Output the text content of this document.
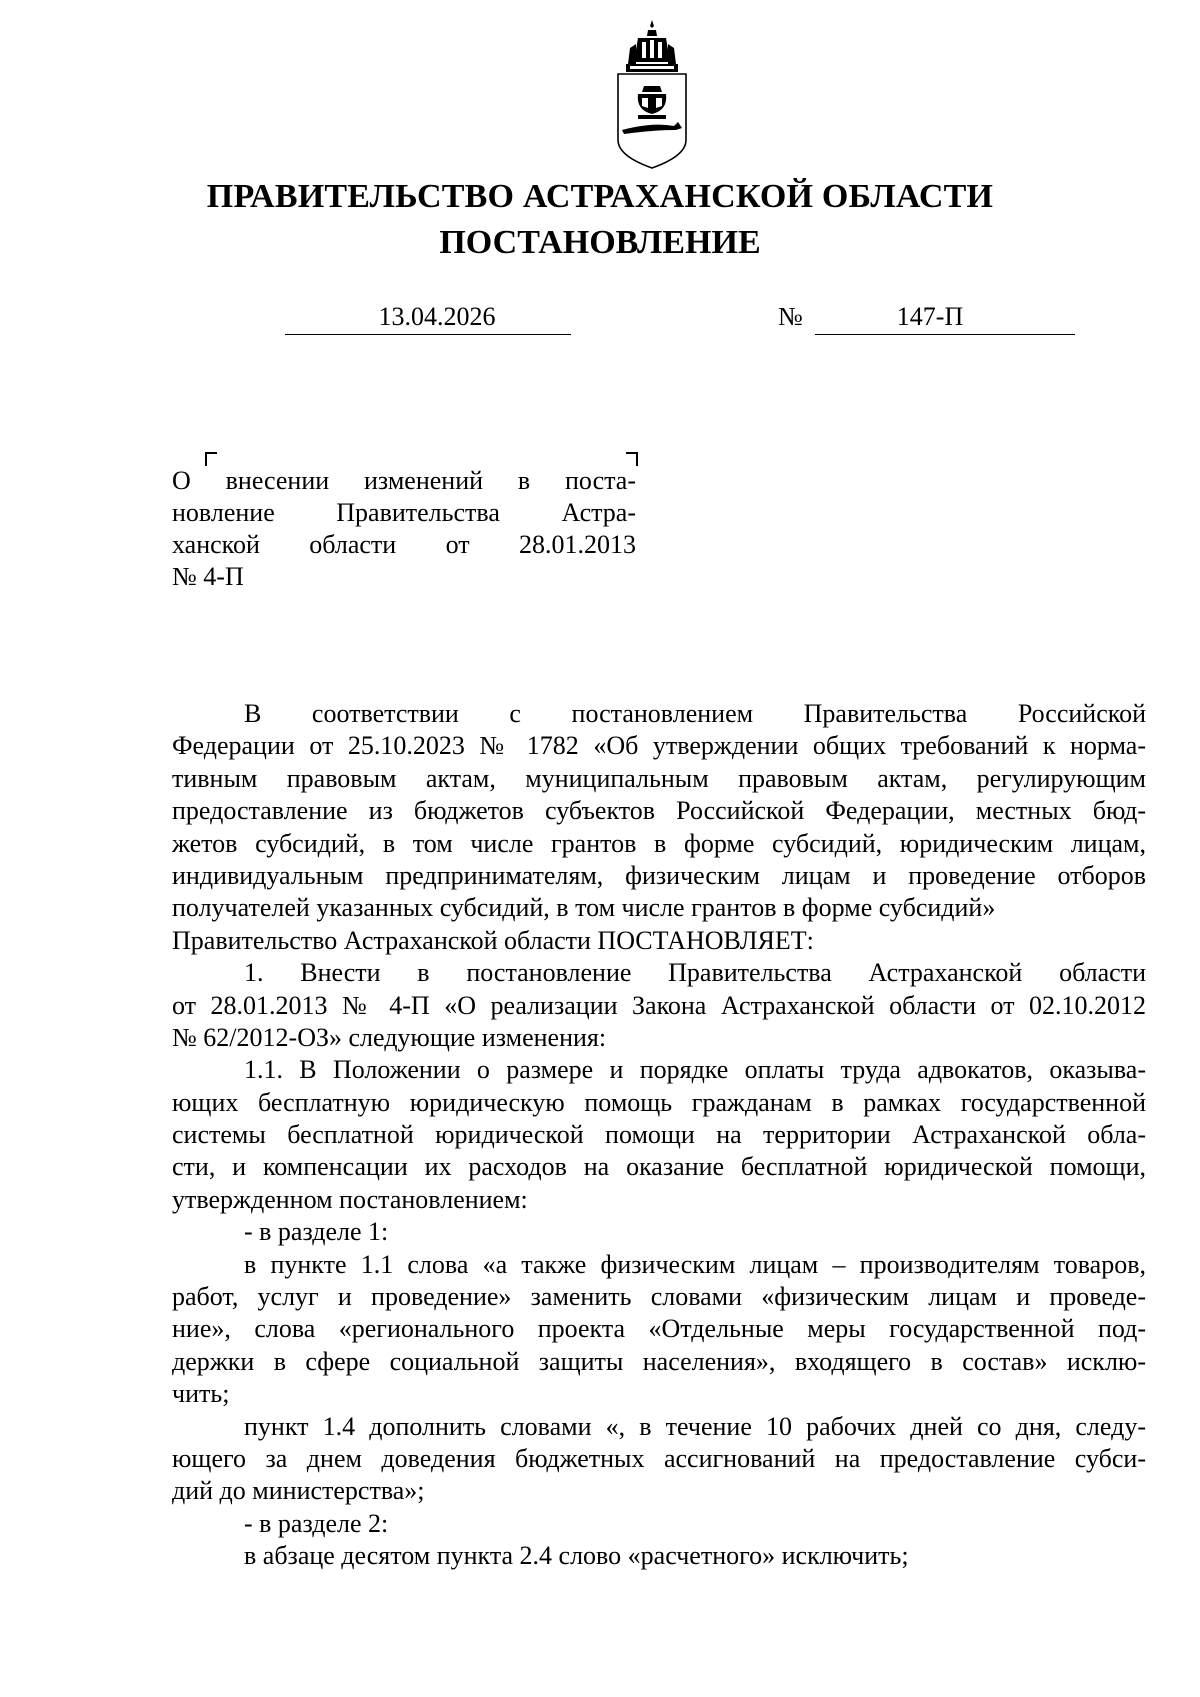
ПРАВИТЕЛЬСТВО АСТРАХАНСКОЙ ОБЛАСТИ
ПОСТАНОВЛЕНИЕ
13.04.2026	№	147-П
О внесении изменений в поста-
новление Правительства Астра-
ханской области от 28.01.2013
№ 4-П
В соответствии с постановлением Правительства Российской
Федерации от 25.10.2023 № 1782 «Об утверждении общих требований к норма-
тивным правовым актам, муниципальным правовым актам, регулирующим
предоставление из бюджетов субъектов Российской Федерации, местных бюд-
жетов субсидий, в том числе грантов в форме субсидий, юридическим лицам,
индивидуальным предпринимателям, физическим лицам и проведение отборов
получателей указанных субсидий, в том числе грантов в форме субсидий»
Правительство Астраханской области ПОСТАНОВЛЯЕТ:
1. Внести в постановление Правительства Астраханской области
от 28.01.2013 № 4-П «О реализации Закона Астраханской области от 02.10.2012
№ 62/2012-ОЗ» следующие изменения:
1.1. В Положении о размере и порядке оплаты труда адвокатов, оказыва-
ющих бесплатную юридическую помощь гражданам в рамках государственной
системы бесплатной юридической помощи на территории Астраханской обла-
сти, и компенсации их расходов на оказание бесплатной юридической помощи,
утвержденном постановлением:
- в разделе 1:
в пункте 1.1 слова «а также физическим лицам – производителям товаров,
работ, услуг и проведение» заменить словами «физическим лицам и проведе-
ние», слова «регионального проекта «Отдельные меры государственной под-
держки в сфере социальной защиты населения», входящего в состав» исклю-
чить;
пункт 1.4 дополнить словами «, в течение 10 рабочих дней со дня, следу-
ющего за днем доведения бюджетных ассигнований на предоставление субси-
дий до министерства»;
- в разделе 2:
в абзаце десятом пункта 2.4 слово «расчетного» исключить;
